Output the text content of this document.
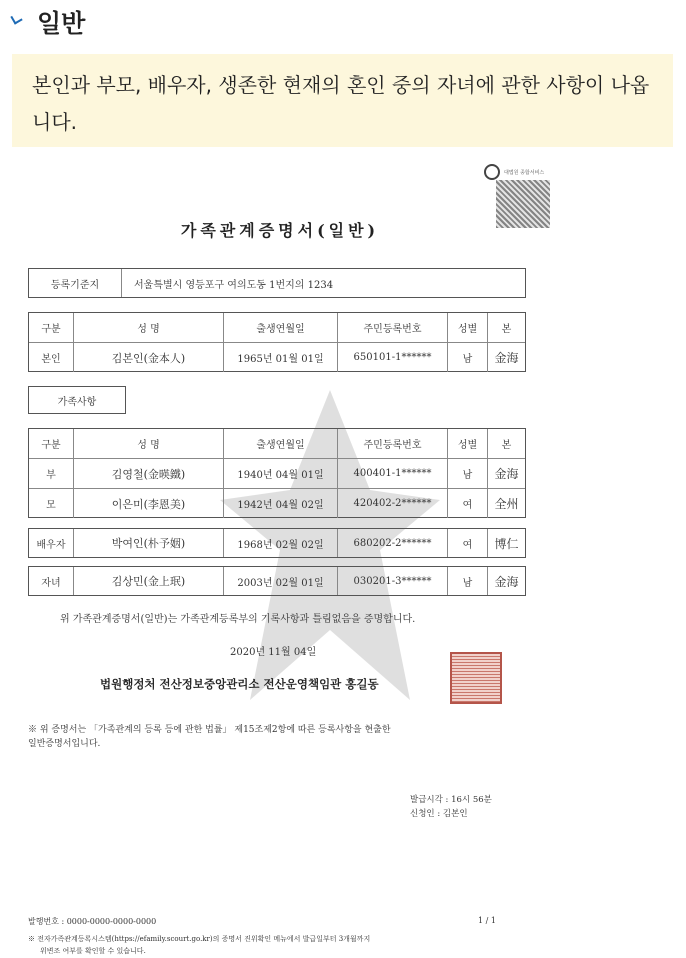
일반
본인과 부모, 배우자, 생존한 현재의 혼인 중의 자녀에 관한 사항이 나옵니다.
대법원 종합서비스
가족관계증명서(일반)
등록기준지	서울특별시 영등포구 여의도동 1번지의 1234
구분	성 명	출생연월일	주민등록번호	성별	본
본인	김본인(金本人)	1965년 01월 01일	650101-1******	남	金海
가족사항
구분	성 명	출생연월일	주민등록번호	성별	본
부	김영철(金暎鐵)	1940년 04월 01일	400401-1******	남	金海
모	이은미(李恩美)	1942년 04월 02일	420402-2******	여	全州
배우자	박여인(朴予姻)	1968년 02월 02일	680202-2******	여	博仁
자녀	김상민(金上珉)	2003년 02월 01일	030201-3******	남	金海
위 가족관계증명서(일반)는 가족관계등록부의 기록사항과 틀림없음을 증명합니다.
2020년 11월 04일
법원행정처 전산정보중앙관리소 전산운영책임관 홍길동
※ 위 증명서는 「가족관계의 등록 등에 관한 법률」 제15조제2항에 따른 등록사항을 현출한
일반증명서입니다.
발급시각 : 16시 56분
신청인 : 김본인
발행번호 : 0000-0000-0000-0000	1 / 1
※ 전자가족관계등록시스템(https://efamily.scourt.go.kr)의 증명서 진위확인 메뉴에서 발급일부터 3개월까지
위변조 여부를 확인할 수 있습니다.
